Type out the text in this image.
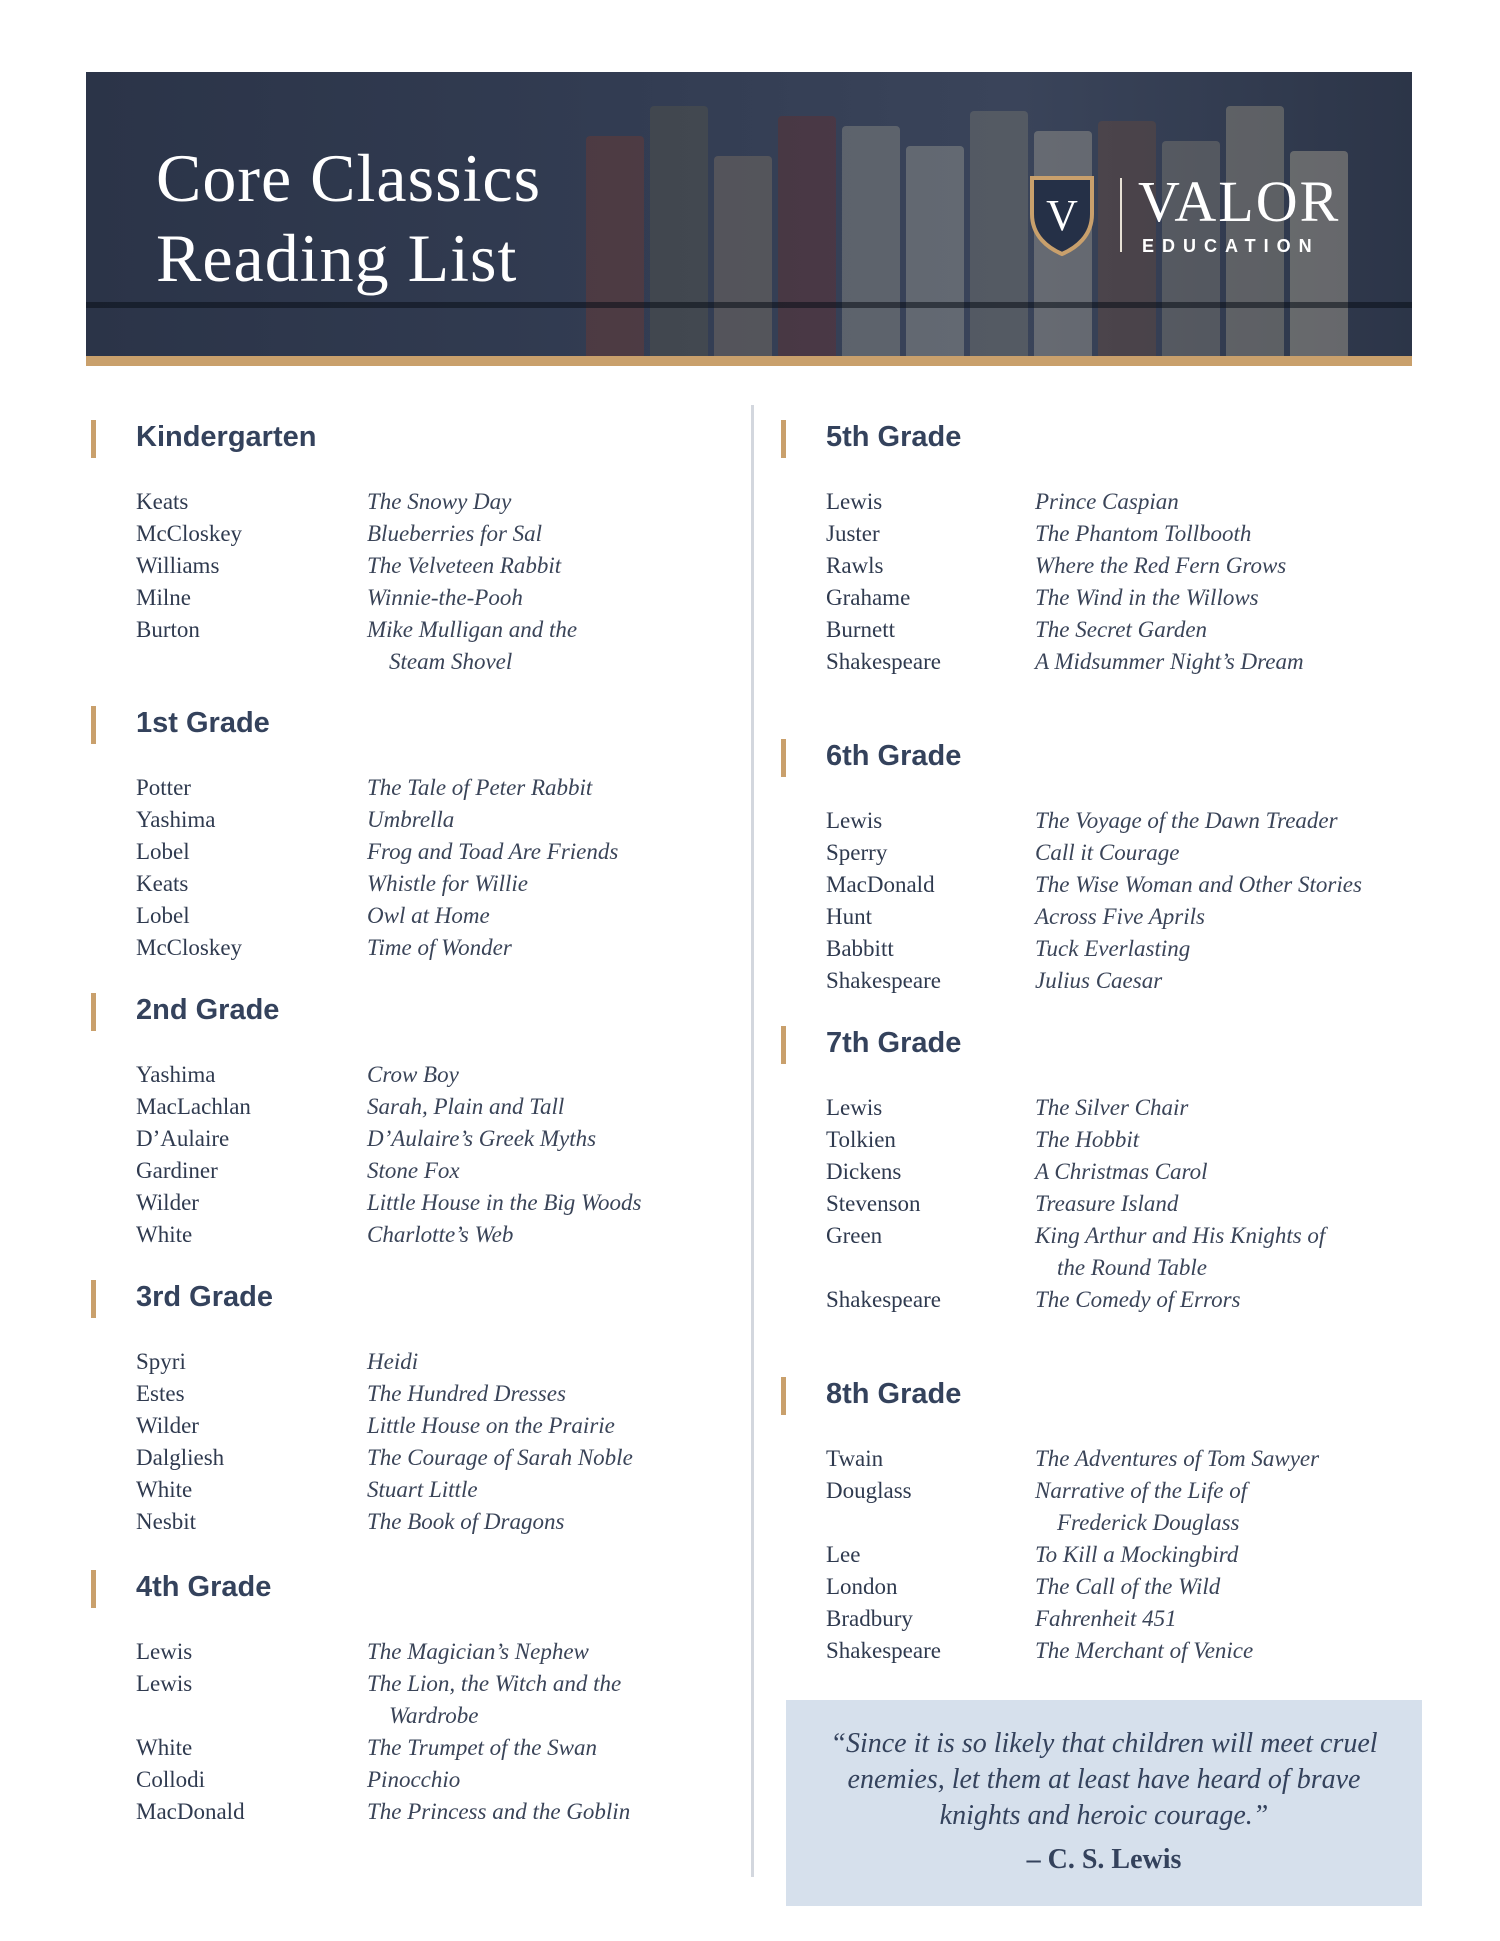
Core Classics
Reading List
V VALOR
EDUCATION
Kindergarten
Keats	The Snowy Day
McCloskey	Blueberries for Sal
Williams	The Velveteen Rabbit
Milne	Winnie-the-Pooh
Burton	Mike Mulligan and the
Steam Shovel
1st Grade
Potter	The Tale of Peter Rabbit
Yashima	Umbrella
Lobel	Frog and Toad Are Friends
Keats	Whistle for Willie
Lobel	Owl at Home
McCloskey	Time of Wonder
2nd Grade
Yashima	Crow Boy
MacLachlan	Sarah, Plain and Tall
D’Aulaire	D’Aulaire’s Greek Myths
Gardiner	Stone Fox
Wilder	Little House in the Big Woods
White	Charlotte’s Web
3rd Grade
Spyri	Heidi
Estes	The Hundred Dresses
Wilder	Little House on the Prairie
Dalgliesh	The Courage of Sarah Noble
White	Stuart Little
Nesbit	The Book of Dragons
4th Grade
Lewis	The Magician’s Nephew
Lewis	The Lion, the Witch and the
Wardrobe
White	The Trumpet of the Swan
Collodi	Pinocchio
MacDonald	The Princess and the Goblin
5th Grade
Lewis	Prince Caspian
Juster	The Phantom Tollbooth
Rawls	Where the Red Fern Grows
Grahame	The Wind in the Willows
Burnett	The Secret Garden
Shakespeare	A Midsummer Night’s Dream
6th Grade
Lewis	The Voyage of the Dawn Treader
Sperry	Call it Courage
MacDonald	The Wise Woman and Other Stories
Hunt	Across Five Aprils
Babbitt	Tuck Everlasting
Shakespeare	Julius Caesar
7th Grade
Lewis	The Silver Chair
Tolkien	The Hobbit
Dickens	A Christmas Carol
Stevenson	Treasure Island
Green	King Arthur and His Knights of
the Round Table
Shakespeare	The Comedy of Errors
8th Grade
Twain	The Adventures of Tom Sawyer
Douglass	Narrative of the Life of
Frederick Douglass
Lee	To Kill a Mockingbird
London	The Call of the Wild
Bradbury	Fahrenheit 451
Shakespeare	The Merchant of Venice
“Since it is so likely that children will meet cruel
enemies, let them at least have heard of brave
knights and heroic courage.”
– C. S. Lewis
